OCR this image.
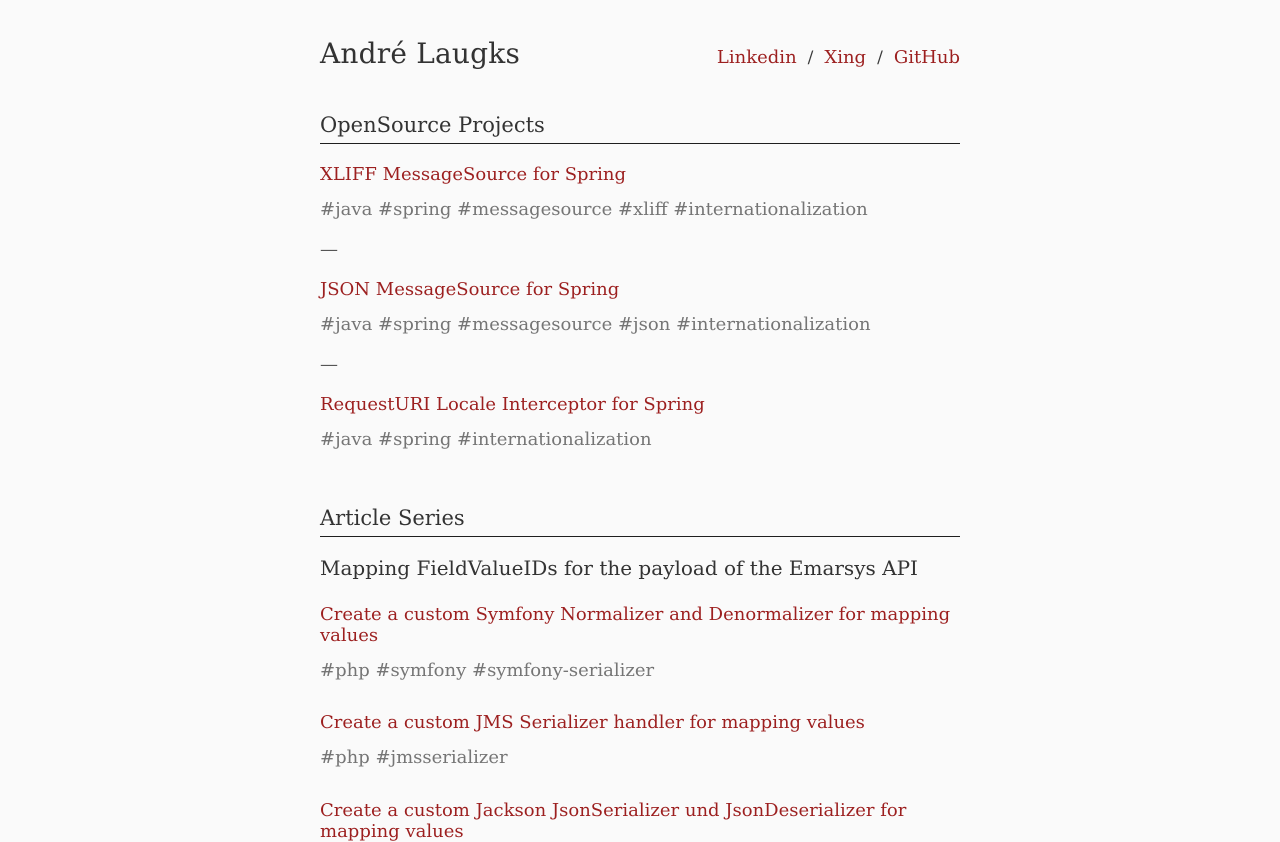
André Laugks	Linkedin / Xing / GitHub
OpenSource Projects

XLIFF MessageSource for Spring

#java #spring #messagesource #xliff #internationalization

—

JSON MessageSource for Spring

#java #spring #messagesource #json #internationalization

—

RequestURI Locale Interceptor for Spring

#java #spring #internationalization

Article Series
Mapping FieldValueIDs for the payload of the Emarsys API

Create a custom Symfony Normalizer and Denormalizer for mapping values

#php #symfony #symfony-serializer

Create a custom JMS Serializer handler for mapping values

#php #jmsserializer

Create a custom Jackson JsonSerializer und JsonDeserializer for mapping values
